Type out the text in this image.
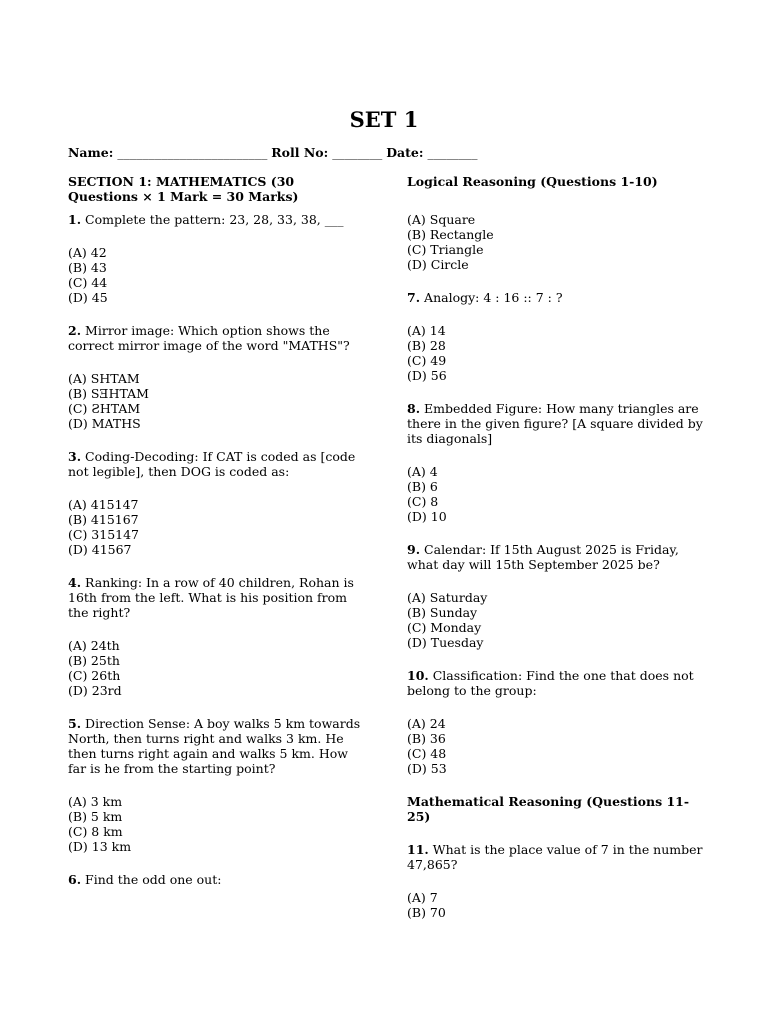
SET 1
Name: ________________________ Roll No: ________ Date: ________
SECTION 1: MATHEMATICS (30 Questions × 1 Mark = 30 Marks)
1. Complete the pattern: 23, 28, 33, 38, ___
(A) 42
(B) 43
(C) 44
(D) 45
2. Mirror image: Which option shows the correct mirror image of the word "MATHS"?
(A) SHTAM
(B) SƎHTAM
(C) ƧHTAM
(D) MATHS
3. Coding-Decoding: If CAT is coded as [code not legible], then DOG is coded as:
(A) 415147
(B) 415167
(C) 315147
(D) 41567
4. Ranking: In a row of 40 children, Rohan is 16th from the left. What is his position from the right?
(A) 24th
(B) 25th
(C) 26th
(D) 23rd
5. Direction Sense: A boy walks 5 km towards North, then turns right and walks 3 km. He then turns right again and walks 5 km. How far is he from the starting point?
(A) 3 km
(B) 5 km
(C) 8 km
(D) 13 km
6. Find the odd one out:
Logical Reasoning (Questions 1-10)
(A) Square
(B) Rectangle
(C) Triangle
(D) Circle
7. Analogy: 4 : 16 :: 7 : ?
(A) 14
(B) 28
(C) 49
(D) 56
8. Embedded Figure: How many triangles are there in the given figure? [A square divided by its diagonals]
(A) 4
(B) 6
(C) 8
(D) 10
9. Calendar: If 15th August 2025 is Friday, what day will 15th September 2025 be?
(A) Saturday
(B) Sunday
(C) Monday
(D) Tuesday
10. Classification: Find the one that does not belong to the group:
(A) 24
(B) 36
(C) 48
(D) 53
Mathematical Reasoning (Questions 11-25)
11. What is the place value of 7 in the number 47,865?
(A) 7
(B) 70
